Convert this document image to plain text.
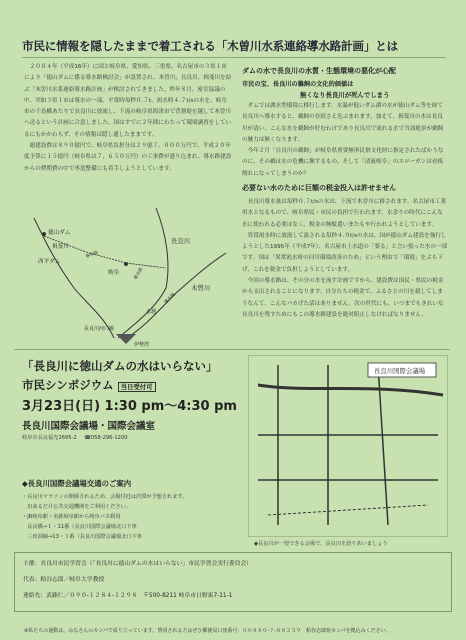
市民に情報を隠したままで着工される「木曽川水系連絡導水路計画」とは

　２００４年（平成16年）に国と岐阜県、愛知県、三重県、名古屋市の３県１市により「徳山ダムに係る導水路検討会」が設置され、木曽川、長良川、揖斐川を結ぶ「木曽川水系連絡導水路計画」が検討されてきました。昨年８月、密室協議の中、突如３県１市は導水の一部、平常時毎秒０.７t、渇水時４.７t/sの水を、岐阜市の千鳥橋あたりで長良川に放流し、下流の岐阜県海津市で背割堤を越して木曽川へ送るという計画に合意しました。国はすでに２年間にわたって環境調査をしているにもかかわらず、その情報は隠し通したままです。

　総建設費は８９０億円で、岐阜県負担分は２９億７，０００万円で、平成２０年度予算に１５億円（岐阜県は７，６５０万円）の工事費が盛り込まれ、導水路建設からの費期費の中で専造整備にも着手しようとしています。

徳山ダム
揖斐川
西平ダム
岐阜
長良川
木曽川
水越
長良川河口堰
伊勢湾
導水路
導水路
導水路
ダムの水で長良川の水質・生態環境の悪化が心配
市民の宝、長良川の鵜飼の文化的価値は
無くなり長良川が死んでしまう

　ダムでは湖水型環境に移行します。水温が低いダム湖の水が徳山ダム等を経て長良川へ導水すると、鵜飼の存続さえ危ぶまれます。加えて、揖斐川の水は長良川が清い、こんな水を鵜飼が好むわけであり長良川で流れる水で当該絶景が鵜飼の魅力は無くなります。

　今年２月「自良川の鵜飼」が岐阜県重要無形民俗文化財に指定されたばかりなのに、その鵜は水の危機に瀕するもの。そして「清流岐阜」のスローガンは看板倒れになってしまうのか？

必要ない水のために巨額の税金投入は許せません

　長良川導水量は毎秒０.７t/sの水は、下流で木曽川に移されます。名古屋市工業用水となるもので、岐阜県民・市民の負担で行われます。水余りの時代にこんな水に使われる必要はなく、税金の無駄遣いまたもや行われようとしています。

　異常渇水時に放流して流される毎秒４.０t/sの水は、国が徳山ダム建設を強行しようとした1995年（平成7年）、名古屋市上水道の「要る」と言い張った水の一部です。国は「異常渇水時の河川環境改善のため」という理由で「環境」をぶら下げ、これを税金で負担しようとしています。

　今回の導水路は、その分の水を流す計画ですから、建設費は国民・県民の税金から支出されることになります。自分たちの税金で、ふるさとの川を殺してしまうなんて、こんなバカげた話はありません。次の世代にも、いつまでもきれいな長良川を残すためにもこの導水路建設を絶対阻止しなければなりません。

「長良川に徳山ダムの水はいらない」
市民シンポジウム 当日受付可
3月23日(日) 1:30 pm〜4:30 pm
長良川国際会議場・国際会議室
岐阜市長良福光2695-2 ☎058-296-1200
◆長良川国際会議場交通のご案内
・長良川マラソンの開催されるため、会場付近は渋滞が予想されます。
　出来るだけ公共交通機関をご利用ください。
・JR岐阜駅・名鉄岐阜駅から岐阜バス利用
　長良橋→１・11番（長良川国際会議場北口下車
　三田洞線→13・３番（長良川国際会議場北口下車
長良川国際会議場
◆長良川が一望できる会場で、長良川を語りあいましょう
主催：長良川市民学習会（「長良川に徳山ダムの水はいらない」市民学習会実行委員会）
代表：粕谷志郎／岐阜大学教授
連絡先：武藤仁／０９０‐１２８４‐１２９８　〒500-8211 岐阜市日野東7-11-1
※私たちの運動は、みなさんのカンパで成り立っています。賛同される方はぜひ郵便局口座番号：００８８０‐７‐８８２５９　粕谷志郎宛カンパを拠込みください。
